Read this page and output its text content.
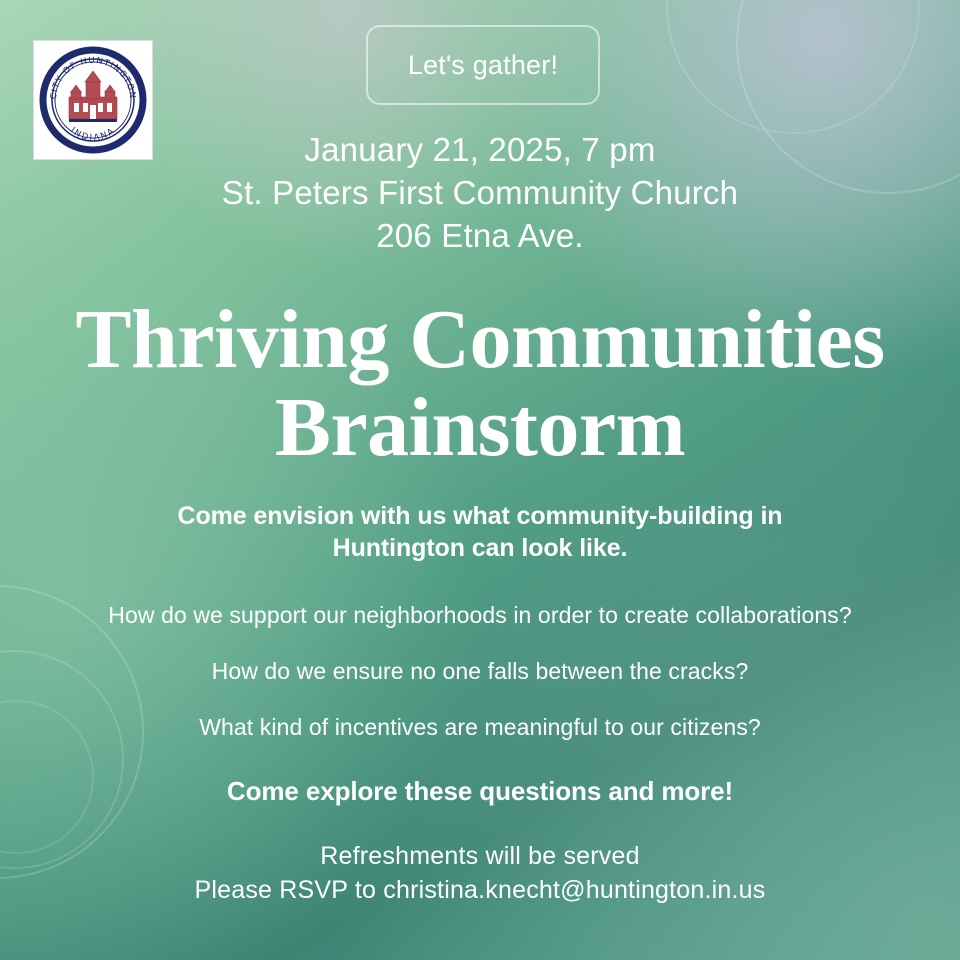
CITY OF HUNTINGTON
INDIANA
Let's gather!
January 21, 2025, 7 pm
St. Peters First Community Church
206 Etna Ave.
Thriving Communities
Brainstorm
Come envision with us what community-building in Huntington can look like.
How do we support our neighborhoods in order to create collaborations?
How do we ensure no one falls between the cracks?
What kind of incentives are meaningful to our citizens?
Come explore these questions and more!
Refreshments will be served
Please RSVP to christina.knecht@huntington.in.us
